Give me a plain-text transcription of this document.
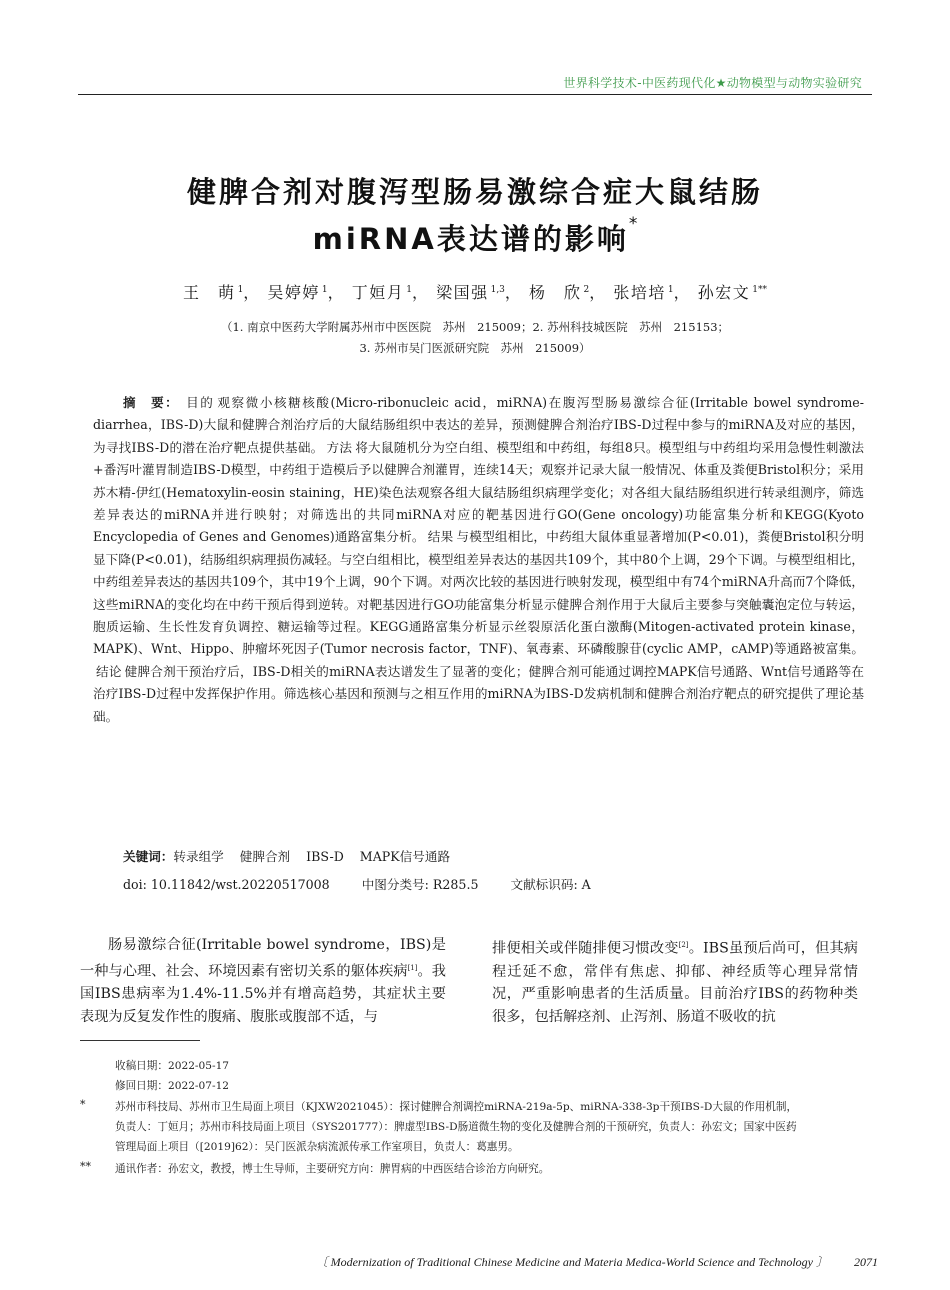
世界科学技术-中医药现代化★动物模型与动物实验研究
健脾合剂对腹泻型肠易激综合症大鼠结肠
miRNA表达谱的影响*
王　萌 $^1$， 吴婷婷 $^1$， 丁姮月 $^1$， 梁国强 $^{1,3}$， 杨　欣 $^2$， 张培培 $^1$， 孙宏文 $^{1**}$
（1. 南京中医药大学附属苏州市中医医院　苏州　215009；2. 苏州科技城医院　苏州　215153；
3. 苏州市吴门医派研究院　苏州　215009）
摘　要： 目的 观察微小核糖核酸(Micro-ribonucleic acid，miRNA)在腹泻型肠易激综合征(Irritable bowel syndrome-diarrhea，IBS-D)大鼠和健脾合剂治疗后的大鼠结肠组织中表达的差异，预测健脾合剂治疗IBS-D过程中参与的miRNA及对应的基因，为寻找IBS-D的潜在治疗靶点提供基础。 方法 将大鼠随机分为空白组、模型组和中药组，每组8只。模型组与中药组均采用急慢性刺激法+番泻叶灌胃制造IBS-D模型，中药组于造模后予以健脾合剂灌胃，连续14天；观察并记录大鼠一般情况、体重及粪便Bristol积分；采用苏木精-伊红(Hematoxylin-eosin staining，HE)染色法观察各组大鼠结肠组织病理学变化；对各组大鼠结肠组织进行转录组测序，筛选差异表达的miRNA并进行映射；对筛选出的共同miRNA对应的靶基因进行GO(Gene oncology)功能富集分析和KEGG(Kyoto Encyclopedia of Genes and Genomes)通路富集分析。 结果 与模型组相比，中药组大鼠体重显著增加(P<0.01)，粪便Bristol积分明显下降(P<0.01)，结肠组织病理损伤减轻。与空白组相比，模型组差异表达的基因共109个，其中80个上调，29个下调。与模型组相比，中药组差异表达的基因共109个，其中19个上调，90个下调。对两次比较的基因进行映射发现，模型组中有74个miRNA升高而7个降低，这些miRNA的变化均在中药干预后得到逆转。对靶基因进行GO功能富集分析显示健脾合剂作用于大鼠后主要参与突触囊泡定位与转运，胞质运输、生长性发育负调控、糖运输等过程。KEGG通路富集分析显示丝裂原活化蛋白激酶(Mitogen-activated protein kinase，MAPK)、Wnt、Hippo、肿瘤坏死因子(Tumor necrosis factor，TNF)、氧毒素、环磷酸腺苷(cyclic AMP，cAMP)等通路被富集。结论 健脾合剂干预治疗后，IBS-D相关的miRNA表达谱发生了显著的变化；健脾合剂可能通过调控MAPK信号通路、Wnt信号通路等在治疗IBS-D过程中发挥保护作用。筛选核心基因和预测与之相互作用的miRNA为IBS-D发病机制和健脾合剂治疗靶点的研究提供了理论基础。
关键词：转录组学 健脾合剂 IBS-D MAPK信号通路
doi: 10.11842/wst.20220517008	中图分类号: R285.5	文献标识码: A
肠易激综合征(Irritable bowel syndrome，IBS)是一种与心理、社会、环境因素有密切关系的躯体疾病[1]。我国IBS患病率为1.4%-11.5%并有增高趋势，其症状主要表现为反复发作性的腹痛、腹胀或腹部不适，与
排便相关或伴随排便习惯改变[2]。IBS虽预后尚可，但其病程迁延不愈，常伴有焦虑、抑郁、神经质等心理异常情况，严重影响患者的生活质量。目前治疗IBS的药物种类很多，包括解痉剂、止泻剂、肠道不吸收的抗
收稿日期：2022-05-17
修回日期：2022-07-12
*	苏州市科技局、苏州市卫生局面上项目（KJXW2021045）：探讨健脾合剂调控miRNA-219a-5p、miRNA-338-3p干预IBS-D大鼠的作用机制，
负责人：丁姮月；苏州市科技局面上项目（SYS201777）：脾虚型IBS-D肠道微生物的变化及健脾合剂的干预研究，负责人：孙宏文；国家中医药
管理局面上项目（[2019]62）：吴门医派杂病流派传承工作室项目，负责人：葛惠男。
** 通讯作者：孙宏文，教授，博士生导师，主要研究方向：脾胃病的中西医结合诊治方向研究。
〔 Modernization of Traditional Chinese Medicine and Materia Medica-World Science and Technology 〕 2071
